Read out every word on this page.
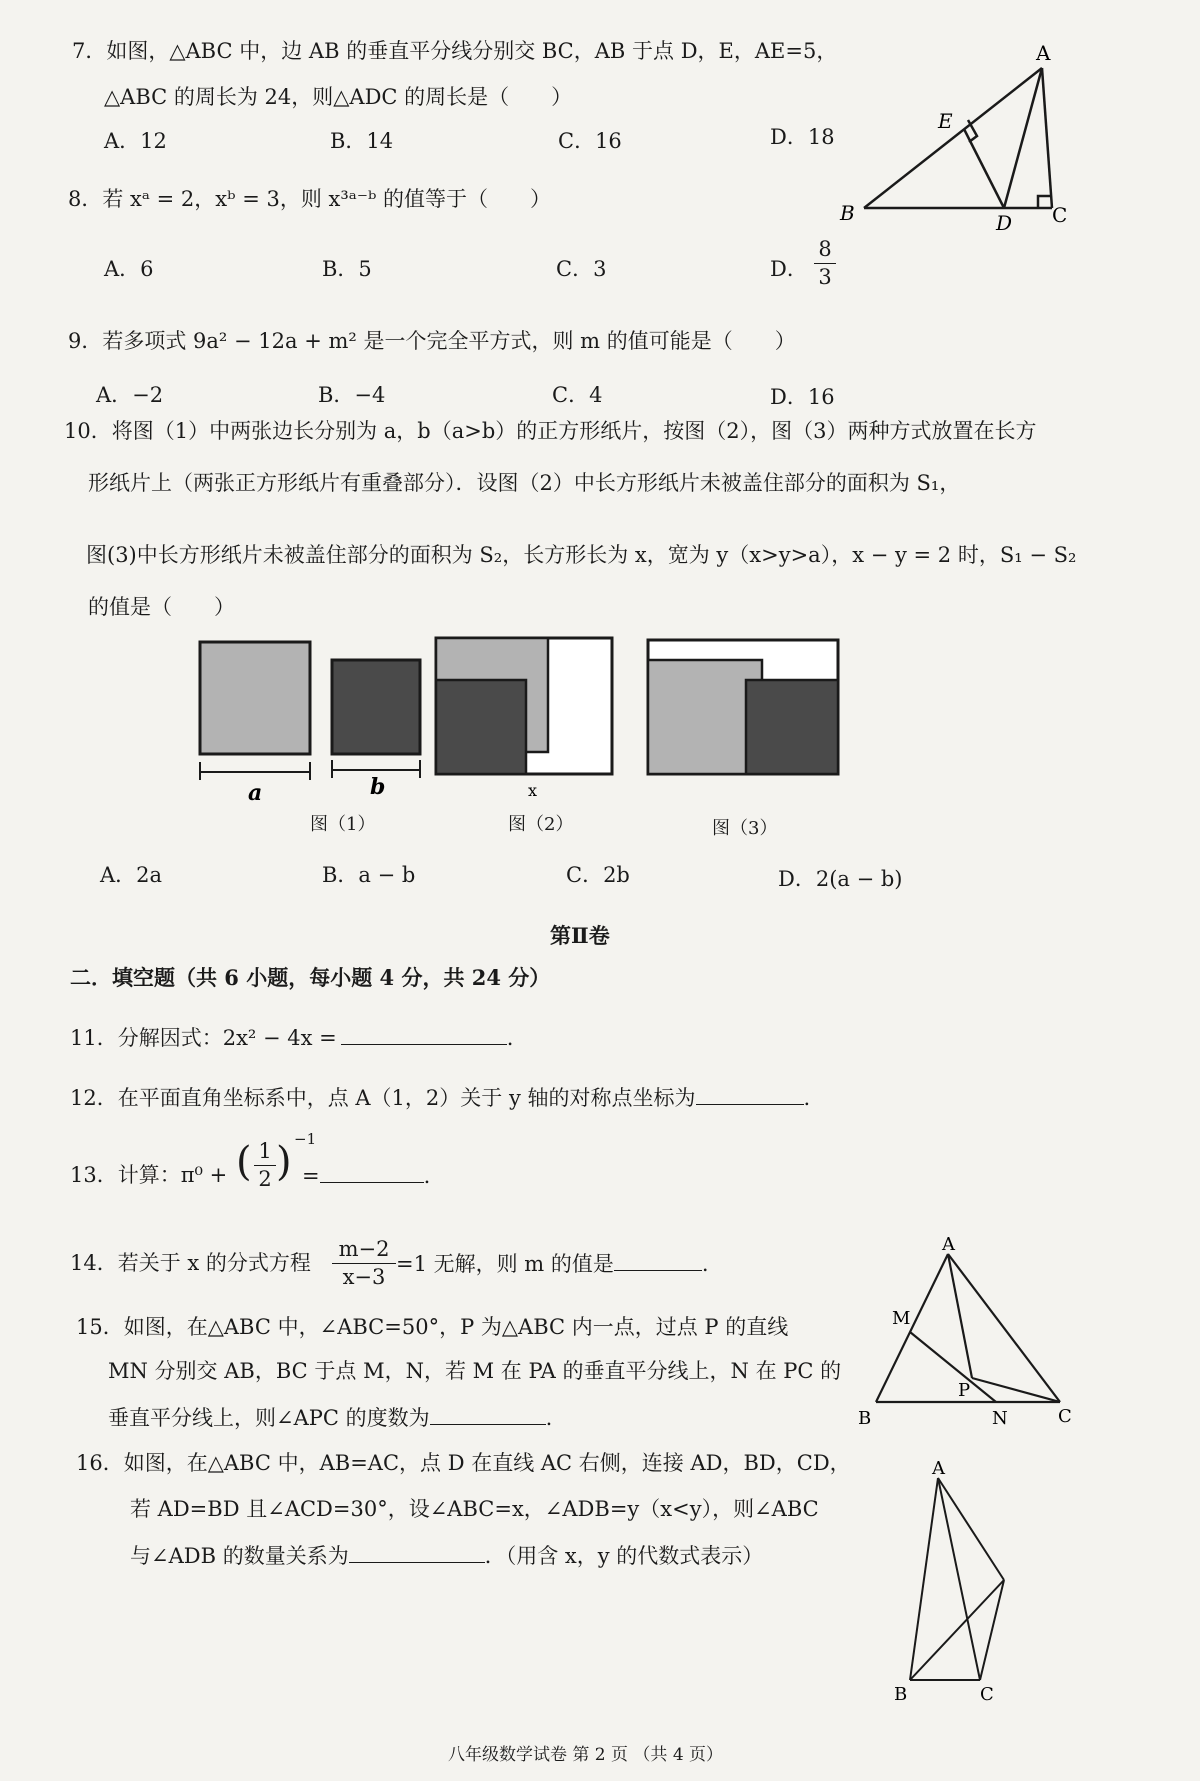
7．如图，△ABC 中，边 AB 的垂直平分线分别交 BC，AB 于点 D，E，AE=5，
△ABC 的周长为 24，则△ADC 的周长是（　　）
A．12	B．14	C．16	D．18
A
E
B	D C
8．若 xᵃ = 2，xᵇ = 3，则 x³ᵃ⁻ᵇ 的值等于（　　）
A．6	B．5	C．3	D． $\frac{8}{3}$
9．若多项式 9a² − 12a + m² 是一个完全平方式，则 m 的值可能是（　　）
A．−2	B．−4	C．4	D．16
10．将图（1）中两张边长分别为 a，b（a>b）的正方形纸片，按图（2），图（3）两种方式放置在长方
形纸片上（两张正方形纸片有重叠部分）．设图（2）中长方形纸片未被盖住部分的面积为 S₁，
图(3)中长方形纸片未被盖住部分的面积为 S₂，长方形长为 x，宽为 y（x>y>a），x − y = 2 时，S₁ − S₂
的值是（　　）
a	b	x
图（1）	图（2）	图（3）
A．2a	B．a − b	C．2b	D．2(a − b)
第Ⅱ卷
二．填空题（共 6 小题，每小题 4 分，共 24 分）
11．分解因式：2x² − 4x =	.
12．在平面直角坐标系中，点 A（1，2）关于 y 轴的对称点坐标为	.
13．计算：π⁰ + ( $\frac{1}{2}$ ) −1
=	.
14．若关于 x 的分式方程 $\frac{m-2}{x-3} =1$ 无解，则 m 的值是	.
15．如图，在△ABC 中，∠ABC=50°，P 为△ABC 内一点，过点 P 的直线
MN 分别交 AB，BC 于点 M，N，若 M 在 PA 的垂直平分线上，N 在 PC 的
垂直平分线上，则∠APC 的度数为	.
A
M
P
B	N	C
16．如图，在△ABC 中，AB=AC，点 D 在直线 AC 右侧，连接 AD，BD，CD，
若 AD=BD 且∠ACD=30°，设∠ABC=x，∠ADB=y（x<y），则∠ABC
与∠ADB 的数量关系为	．（用含 x，y 的代数式表示）
A
B	C
八年级数学试卷 第 2 页 （共 4 页）
